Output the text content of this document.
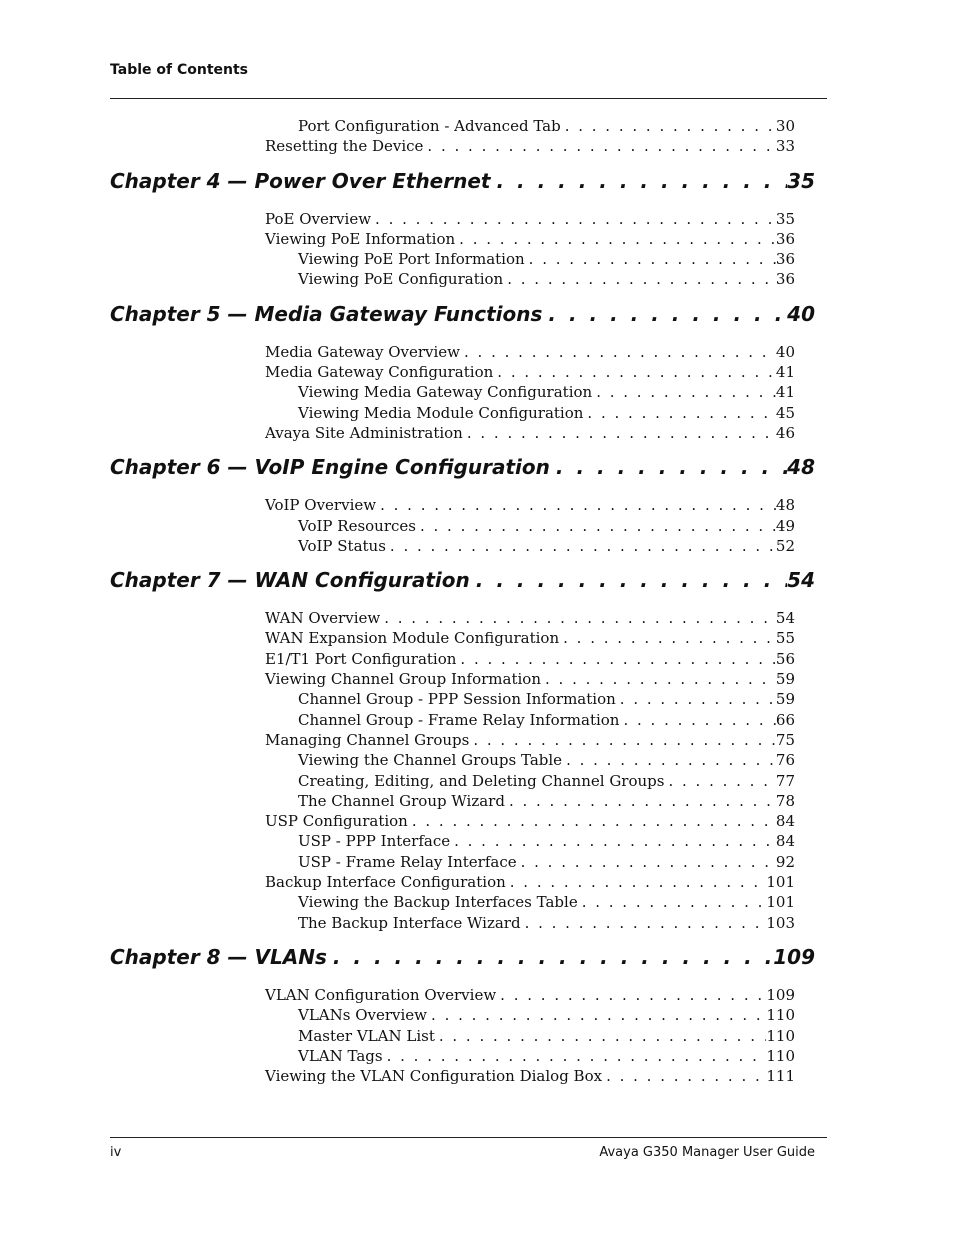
Table of Contents
Port Configuration - Advanced Tab . . .	30
Resetting the Device . . .	33
Chapter 4 — Power Over Ethernet . . .	35
PoE Overview . . .	35
Viewing PoE Information . . .	36
Viewing PoE Port Information . . .	36
Viewing PoE Configuration . . .	36
Chapter 5 — Media Gateway Functions . . .	40
Media Gateway Overview . . .	40
Media Gateway Configuration . . .	41
Viewing Media Gateway Configuration . . .	41
Viewing Media Module Configuration . . .	45
Avaya Site Administration . . .	46
Chapter 6 — VoIP Engine Configuration . . .	48
VoIP Overview . . .	48
VoIP Resources . . .	49
VoIP Status . . .	52
Chapter 7 — WAN Configuration . . .	54
WAN Overview . . .	54
WAN Expansion Module Configuration . . .	55
E1/T1 Port Configuration . . .	56
Viewing Channel Group Information . . .	59
Channel Group - PPP Session Information . . .	59
Channel Group - Frame Relay Information . . .	66
Managing Channel Groups . . .	75
Viewing the Channel Groups Table . . .	76
Creating, Editing, and Deleting Channel Groups . . .	77
The Channel Group Wizard . . .	78
USP Configuration . . .	84
USP - PPP Interface . . .	84
USP - Frame Relay Interface . . .	92
Backup Interface Configuration . . .	101
Viewing the Backup Interfaces Table . . .	101
The Backup Interface Wizard . . .	103
Chapter 8 — VLANs . . .	109
VLAN Configuration Overview . . .	109
VLANs Overview . . .	110
Master VLAN List . . .	110
VLAN Tags . . .	110
Viewing the VLAN Configuration Dialog Box . . .	111
iv	Avaya G350 Manager User Guide
